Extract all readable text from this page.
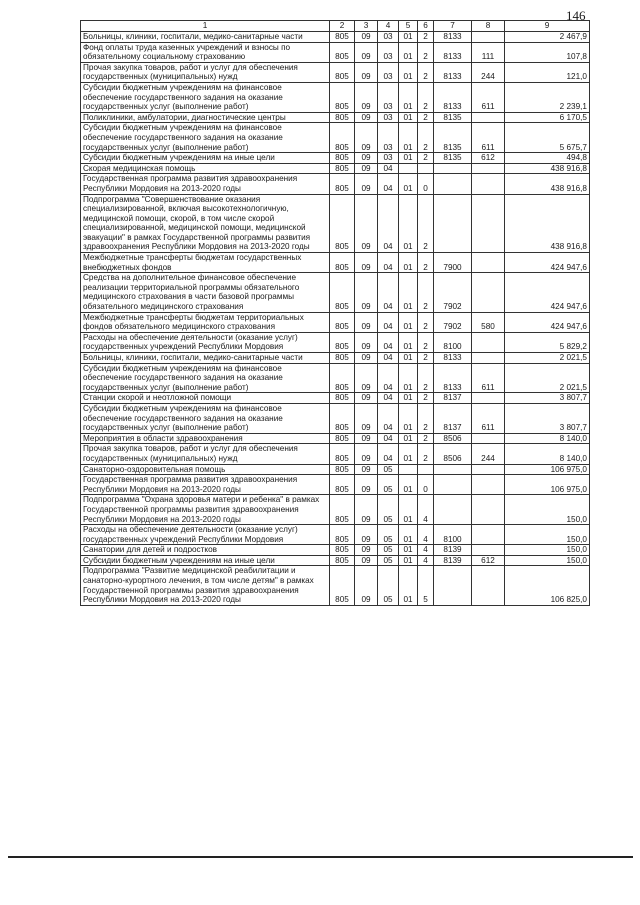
146
1	2	3	4	5	6	7	8	9
Больницы, клиники, госпитали, медико-санитарные части	805	09	03	01	2	8133		2 467,9
Фонд оплаты труда казенных учреждений и взносы по обязательному социальному страхованию	805	09	03	01	2	8133	111	107,8
Прочая закупка товаров, работ и услуг для обеспечения государственных (муниципальных) нужд	805	09	03	01	2	8133	244	121,0
Субсидии бюджетным учреждениям на финансовое обеспечение государственного задания на оказание государственных услуг (выполнение работ)	805	09	03	01	2	8133	611	2 239,1
Поликлиники, амбулатории, диагностические центры	805	09	03	01	2	8135		6 170,5
Субсидии бюджетным учреждениям на финансовое обеспечение государственного задания на оказание государственных услуг (выполнение работ)	805	09	03	01	2	8135	611	5 675,7
Субсидии бюджетным учреждениям на иные цели	805	09	03	01	2	8135	612	494,8
Скорая медицинская помощь	805	09	04					438 916,8
Государственная программа развития здравоохранения Республики Мордовия на 2013-2020 годы	805	09	04	01	0			438 916,8
Подпрограмма "Совершенствование оказания специализированной, включая высокотехнологичную, медицинской помощи, скорой, в том числе скорой специализированной, медицинской помощи, медицинской эвакуации" в рамках Государственной программы развития здравоохранения Республики Мордовия на 2013-2020 годы	805	09	04	01	2			438 916,8
Межбюджетные трансферты бюджетам государственных внебюджетных фондов	805	09	04	01	2	7900		424 947,6
Средства на дополнительное финансовое обеспечение реализации территориальной программы обязательного медицинского страхования в части базовой программы обязательного медицинского страхования	805	09	04	01	2	7902		424 947,6
Межбюджетные трансферты бюджетам территориальных фондов обязательного медицинского страхования	805	09	04	01	2	7902	580	424 947,6
Расходы на обеспечение деятельности (оказание услуг) государственных учреждений Республики Мордовия	805	09	04	01	2	8100		5 829,2
Больницы, клиники, госпитали, медико-санитарные части	805	09	04	01	2	8133		2 021,5
Субсидии бюджетным учреждениям на финансовое обеспечение государственного задания на оказание государственных услуг (выполнение работ)	805	09	04	01	2	8133	611	2 021,5
Станции скорой и неотложной помощи	805	09	04	01	2	8137		3 807,7
Субсидии бюджетным учреждениям на финансовое обеспечение государственного задания на оказание государственных услуг (выполнение работ)	805	09	04	01	2	8137	611	3 807,7
Мероприятия в области здравоохранения	805	09	04	01	2	8506		8 140,0
Прочая закупка товаров, работ и услуг для обеспечения государственных (муниципальных) нужд	805	09	04	01	2	8506	244	8 140,0
Санаторно-оздоровительная помощь	805	09	05					106 975,0
Государственная программа развития здравоохранения Республики Мордовия на 2013-2020 годы	805	09	05	01	0			106 975,0
Подпрограмма "Охрана здоровья матери и ребенка" в рамках Государственной программы развития здравоохранения Республики Мордовия на 2013-2020 годы	805	09	05	01	4			150,0
Расходы на обеспечение деятельности (оказание услуг) государственных учреждений Республики Мордовия	805	09	05	01	4	8100		150,0
Санатории для детей и подростков	805	09	05	01	4	8139		150,0
Субсидии бюджетным учреждениям на иные цели	805	09	05	01	4	8139	612	150,0
Подпрограмма "Развитие медицинской реабилитации и санаторно-курортного лечения, в том числе детям" в рамках Государственной программы развития здравоохранения Республики Мордовия на 2013-2020 годы	805	09	05	01	5			106 825,0
